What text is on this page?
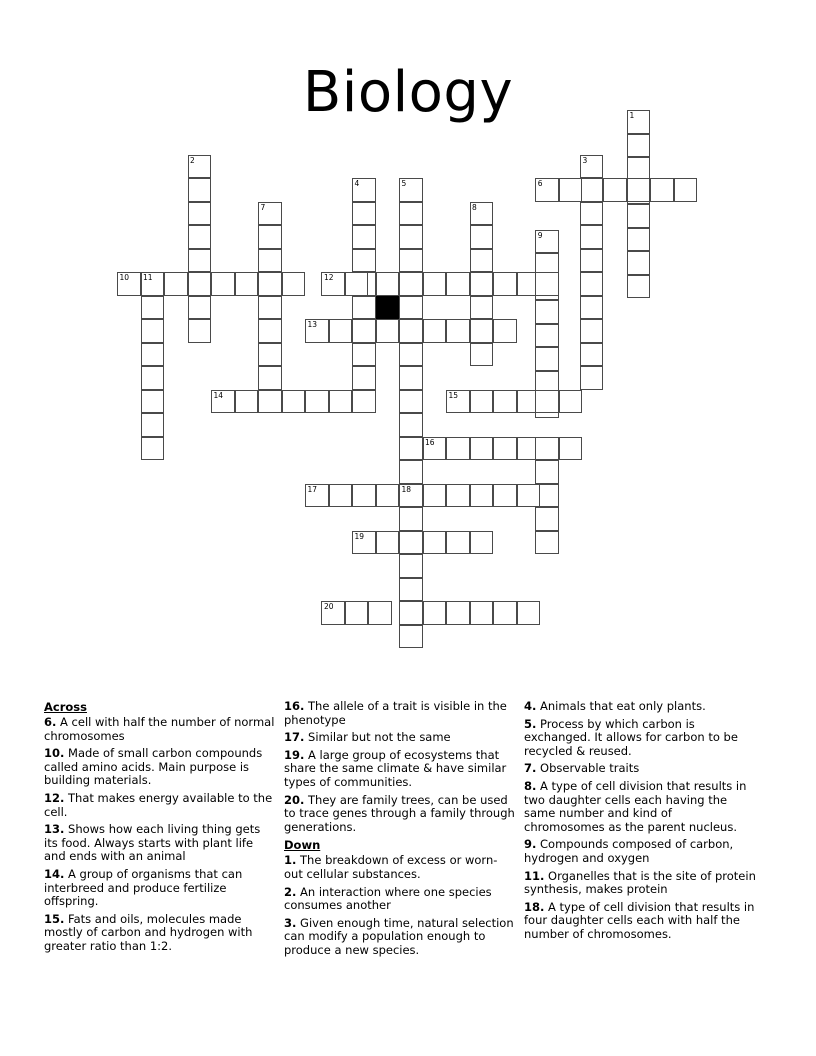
Biology	1
2	3
4	5
18
6
7	8
9
10 11	12
13
14	15
16
17
19
20
Across

6. A cell with half the number of normal chromosomes

10. Made of small carbon compounds called amino acids. Main purpose is building materials.

12. That makes energy available to the cell.

13. Shows how each living thing gets its food. Always starts with plant life and ends with an animal

14. A group of organisms that can interbreed and produce fertilize offspring.

15. Fats and oils, molecules made mostly of carbon and hydrogen with greater ratio than 1:2.

16. The allele of a trait is visible in the phenotype

17. Similar but not the same

19. A large group of ecosystems that share the same climate & have similar types of communities.

20. They are family trees, can be used to trace genes through a family through generations.

Down

1. The breakdown of excess or worn-out cellular substances.

2. An interaction where one species consumes another

3. Given enough time, natural selection can modify a population enough to produce a new species.

4. Animals that eat only plants.

5. Process by which carbon is exchanged. It allows for carbon to be recycled & reused.

7. Observable traits

8. A type of cell division that results in two daughter cells each having the same number and kind of chromosomes as the parent nucleus.

9. Compounds composed of carbon, hydrogen and oxygen

11. Organelles that is the site of protein synthesis, makes protein

18. A type of cell division that results in four daughter cells each with half the number of chromosomes.
